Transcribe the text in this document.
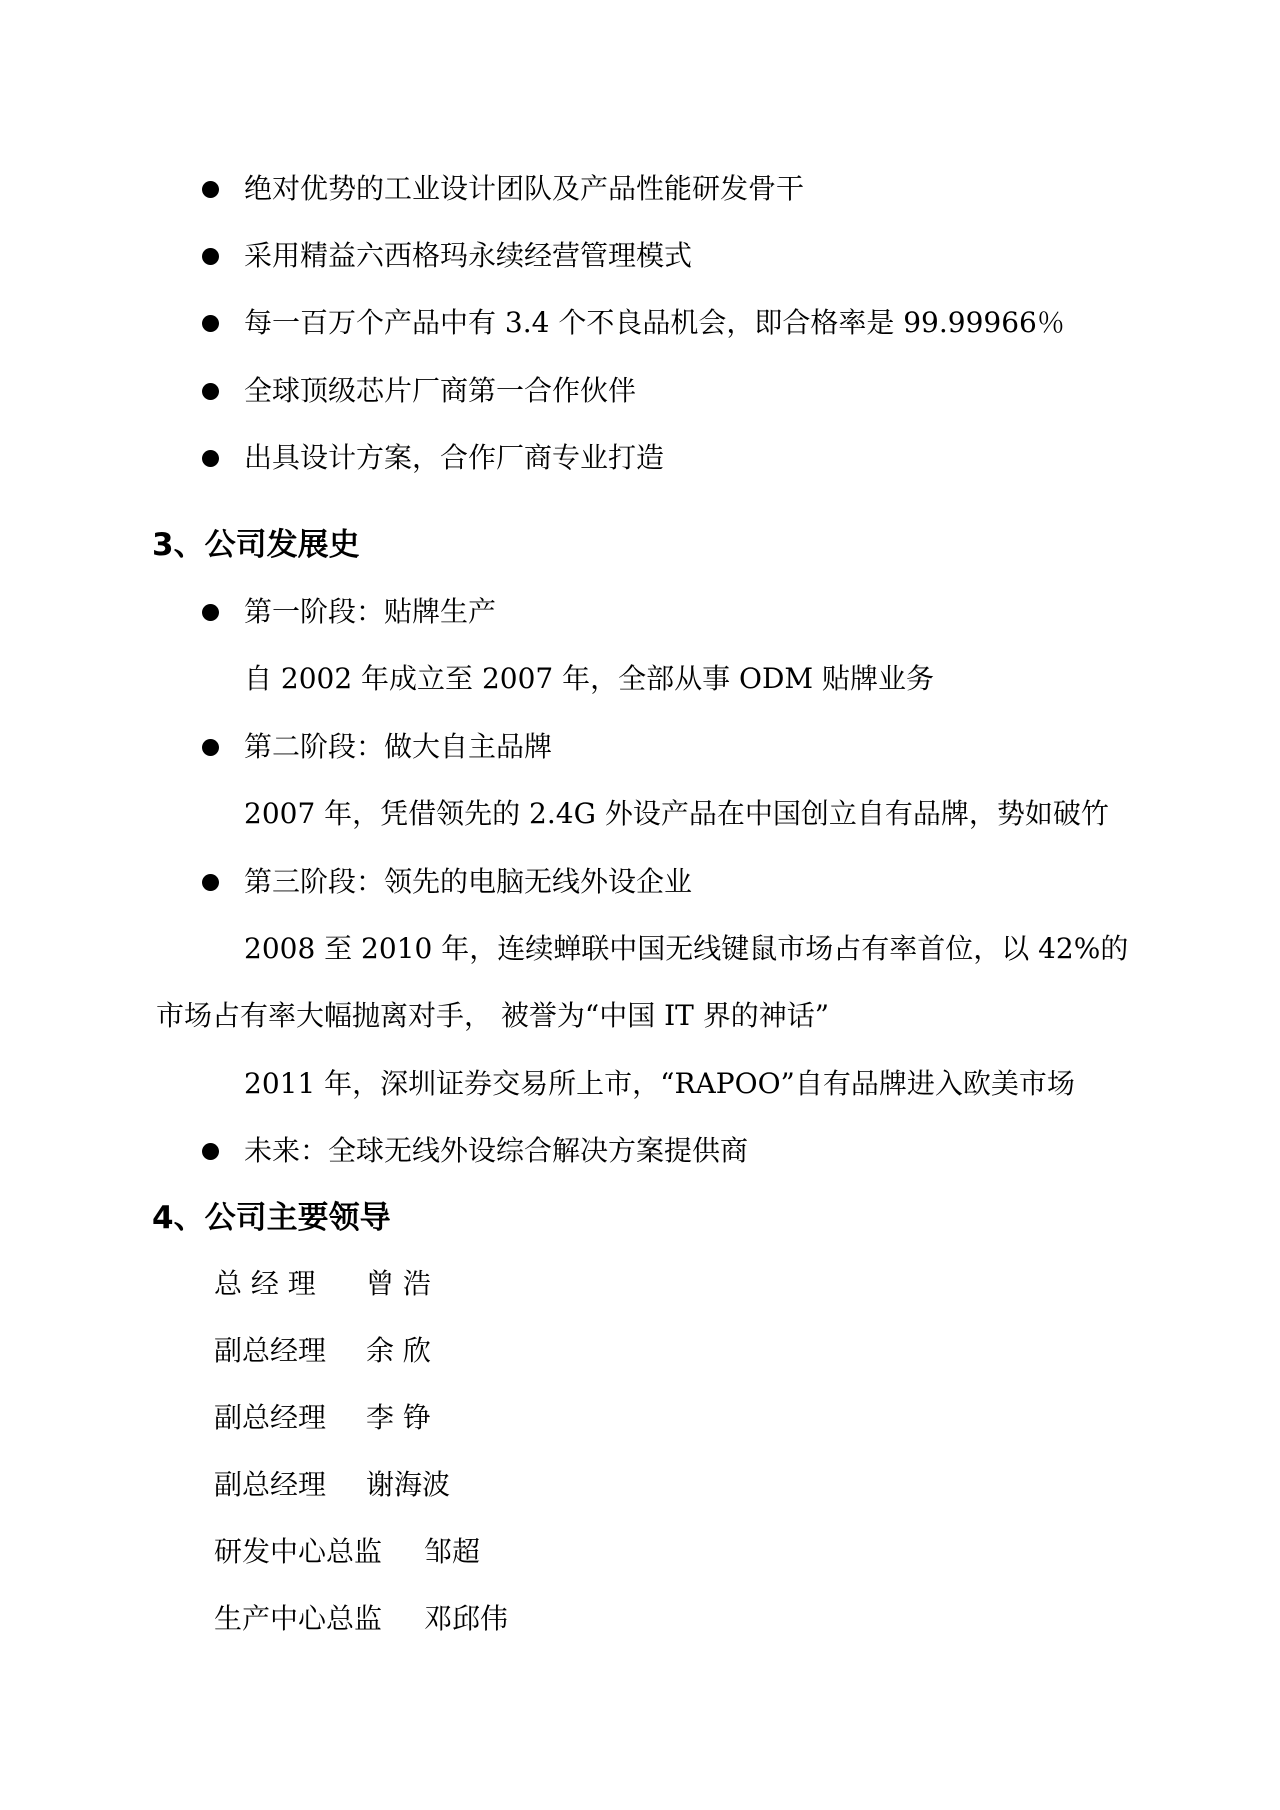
绝对优势的工业设计团队及产品性能研发骨干
采用精益六西格玛永续经营管理模式
每一百万个产品中有 3.4 个不良品机会，即合格率是 99.99966％
全球顶级芯片厂商第一合作伙伴
出具设计方案，合作厂商专业打造
3、公司发展史
第一阶段：贴牌生产
自 2002 年成立至 2007 年，全部从事 ODM 贴牌业务
第二阶段：做大自主品牌
2007 年，凭借领先的 2.4G 外设产品在中国创立自有品牌，势如破竹
第三阶段：领先的电脑无线外设企业
2008 至 2010 年，连续蝉联中国无线键鼠市场占有率首位，以 42%的
市场占有率大幅抛离对手， 被誉为“中国 IT 界的神话”
2011 年，深圳证券交易所上市，“RAPOO”自有品牌进入欧美市场
未来：全球无线外设综合解决方案提供商
4、公司主要领导
总 经 理 曾 浩
副总经理 余 欣
副总经理 李 铮
副总经理 谢海波
研发中心总监 邹超
生产中心总监 邓邱伟
